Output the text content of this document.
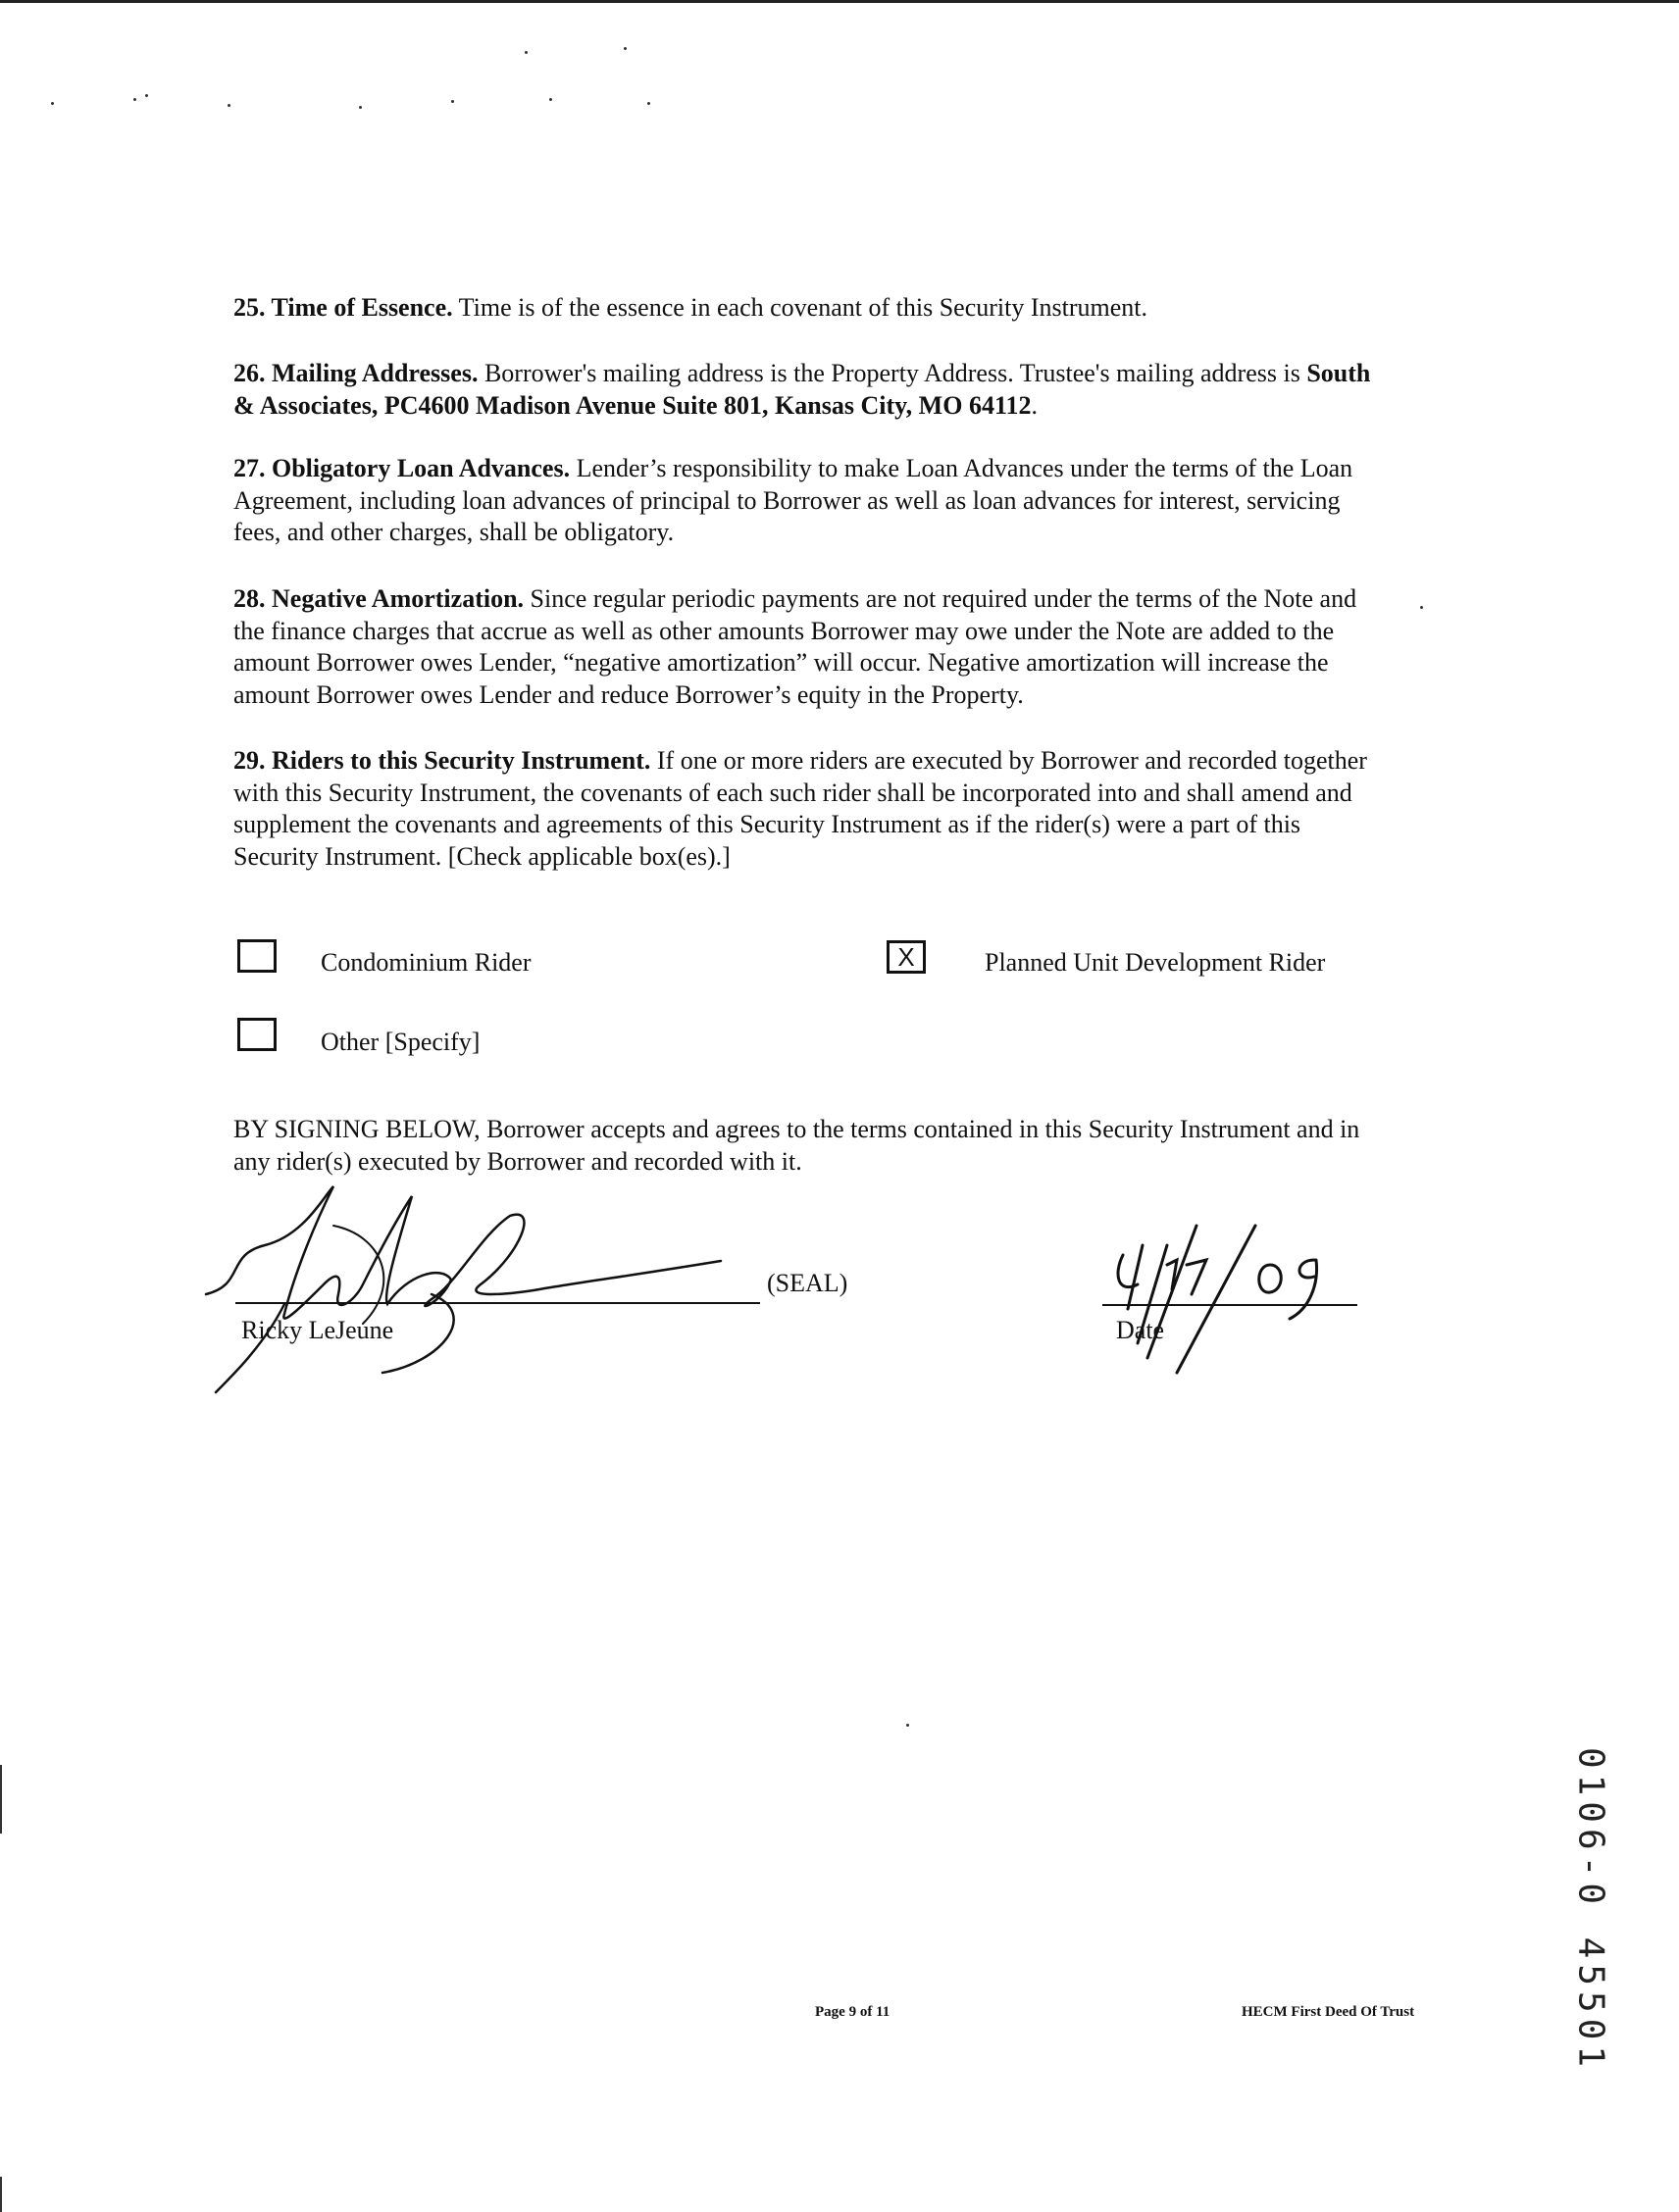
25. Time of Essence. Time is of the essence in each covenant of this Security Instrument.

26. Mailing Addresses. Borrower's mailing address is the Property Address. Trustee's mailing address is South & Associates, PC4600 Madison Avenue Suite 801, Kansas City, MO 64112.

27. Obligatory Loan Advances. Lender’s responsibility to make Loan Advances under the terms of the Loan Agreement, including loan advances of principal to Borrower as well as loan advances for interest, servicing fees, and other charges, shall be obligatory.

28. Negative Amortization. Since regular periodic payments are not required under the terms of the Note and the finance charges that accrue as well as other amounts Borrower may owe under the Note are added to the amount Borrower owes Lender, “negative amortization” will occur. Negative amortization will increase the amount Borrower owes Lender and reduce Borrower’s equity in the Property.

29. Riders to this Security Instrument. If one or more riders are executed by Borrower and recorded together with this Security Instrument, the covenants of each such rider shall be incorporated into and shall amend and supplement the covenants and agreements of this Security Instrument as if the rider(s) were a part of this Security Instrument. [Check applicable box(es).]

Condominium Rider	X	Planned Unit Development Rider
Other [Specify]

BY SIGNING BELOW, Borrower accepts and agrees to the terms contained in this Security Instrument and in any rider(s) executed by Borrower and recorded with it.

(SEAL)
Ricky LeJeune	Date
0106-0 45501
Page 9 of 11	HECM First Deed Of Trust
